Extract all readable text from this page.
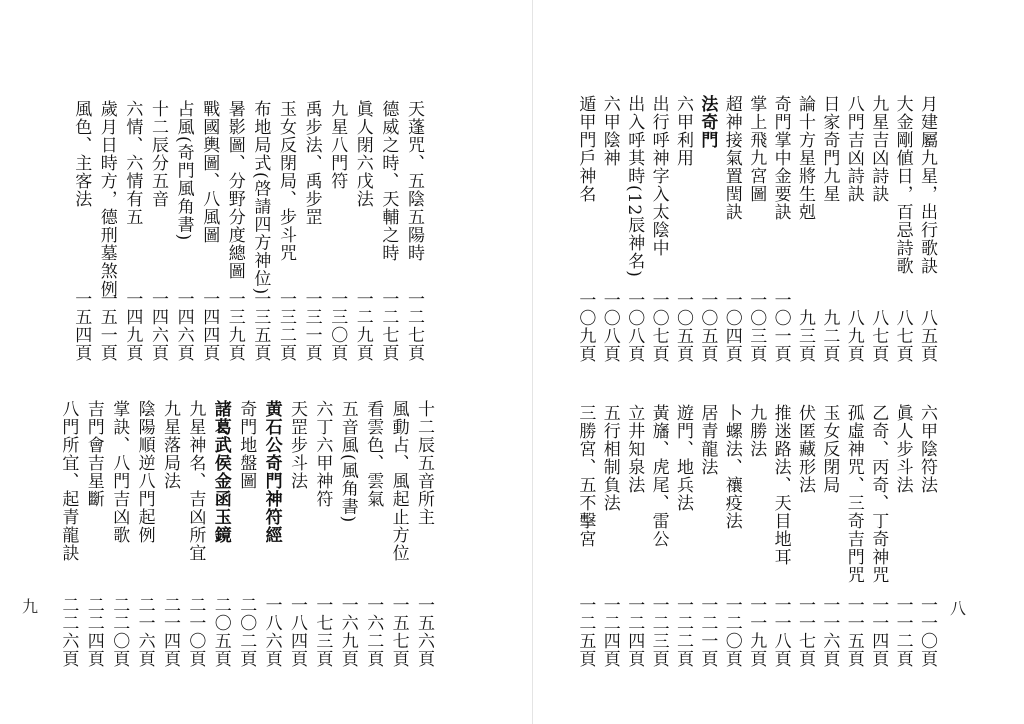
天蓬咒、五陰五陽時
一二七頁
德威之時、天輔之時
一二七頁
眞人閉六戊法
一二九頁
九星八門符
一三〇頁
禹步法、禹步罡
一三一頁
玉女反閉局、步斗咒
一三二頁
布地局式(啓請四方神位)
一三五頁
暑影圖、分野分度總圖
一三九頁
戰國輿圖、八風圖
一四四頁
占風(奇門風角書)
一四六頁
十二辰分五音
一四六頁
六情、六情有五
一四九頁
歲月日時方，德刑墓煞例
一五一頁
風色、主客法
一五四頁
十二辰五音所主
一五六頁
風動占、風起止方位
一五七頁
看雲色、雲氣
一六二頁
五音風(風角書)
一六九頁
六丁六甲神符
一七三頁
天罡步斗法
一八四頁
黄石公奇門神符經
一八六頁
奇門地盤圖
二〇二頁
諸葛武侯金函玉鏡
二〇五頁
九星神名、吉凶所宜
二一〇頁
九星落局法
二一四頁
陰陽順逆八門起例
二一六頁
掌訣、八門吉凶歌
二二〇頁
吉門會吉星斷
二二四頁
八門所宜、起青龍訣
二二六頁
九
月建屬九星，出行歌訣
八五頁
大金剛値日，百忌詩歌
八七頁
九星吉凶詩訣
八七頁
八門吉凶詩訣
八九頁
日家奇門九星
九二頁
論十方星將生剋
九三頁
奇門掌中金要訣
一〇一頁
掌上飛九宮圖
一〇三頁
超神接氣置閏訣
一〇四頁
法奇門
一〇五頁
六甲利用
一〇五頁
出行呼神字入太陰中
一〇七頁
出入呼其時(12辰神名)
一〇八頁
六甲陰神
一〇八頁
遁甲門戶神名
一〇九頁
六甲陰符法
一一〇頁
眞人步斗法
一一二頁
乙奇、丙奇、丁奇神咒
一一四頁
孤虛神咒、三奇吉門咒
一一五頁
玉女反閉局
一一六頁
伏匿藏形法
一一七頁
推迷路法、天目地耳
一一八頁
九勝法
一一九頁
卜螺法、禳疫法
一二〇頁
居青龍法
一二一頁
遊門、地兵法
一二二頁
黃旛、虎尾、雷公
一二三頁
立井知泉法
一二四頁
五行相制負法
一二四頁
三勝宮、五不擊宮
一二五頁	八
